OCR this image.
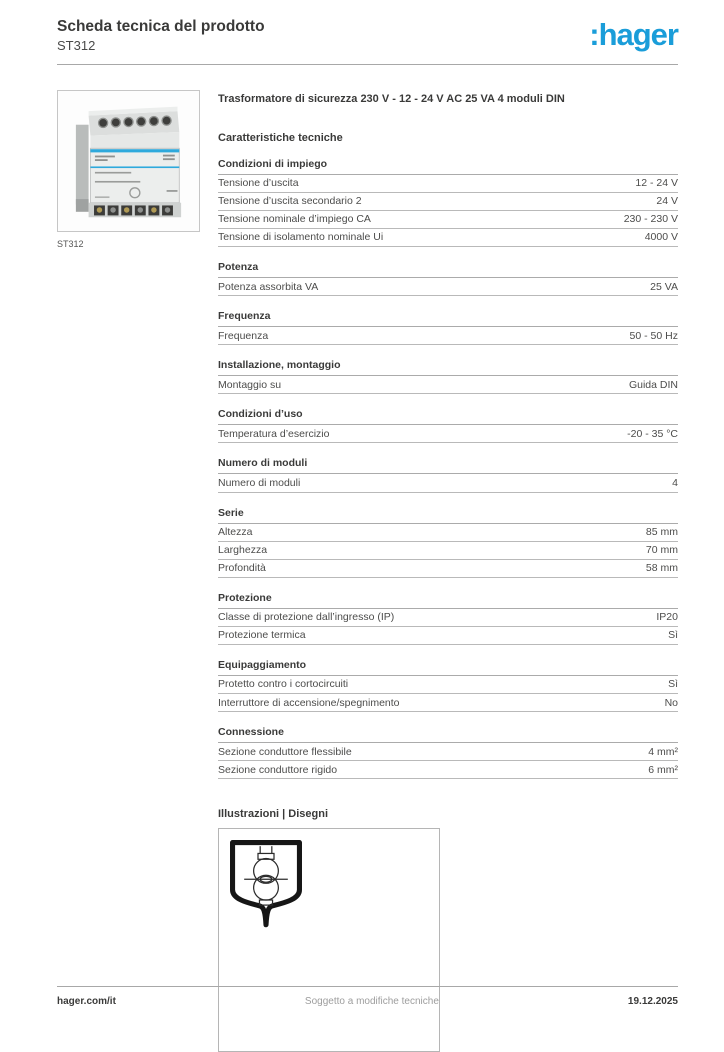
Scheda tecnica del prodotto
ST312	:hager
ST312
Trasformatore di sicurezza 230 V - 12 - 24 V AC 25 VA 4 moduli DIN
Caratteristiche tecniche
Condizioni di impiego
Tensione d’uscita	12 - 24 V
Tensione d’uscita secondario 2	24 V
Tensione nominale d’impiego CA	230 - 230 V
Tensione di isolamento nominale Ui	4000 V
Potenza
Potenza assorbita VA	25 VA
Frequenza
Frequenza	50 - 50 Hz
Installazione, montaggio
Montaggio su	Guida DIN
Condizioni d’uso
Temperatura d’esercizio	-20 - 35 °C
Numero di moduli
Numero di moduli	4
Serie
Altezza	85 mm
Larghezza	70 mm
Profondità	58 mm
Protezione
Classe di protezione dall’ingresso (IP)	IP20
Protezione termica	Sì
Equipaggiamento
Protetto contro i cortocircuiti	Sì
Interruttore di accensione/spegnimento	No
Connessione
Sezione conduttore flessibile	4 mm²
Sezione conduttore rigido	6 mm²
Illustrazioni | Disegni
hager.com/it	Soggetto a modifiche tecniche	19.12.2025
